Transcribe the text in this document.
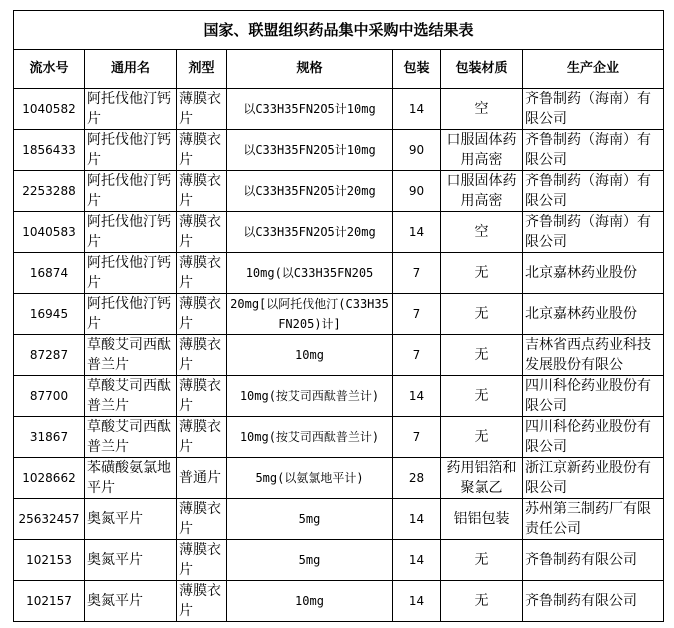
国家、联盟组织药品集中采购中选结果表						
流水号	通用名	剂型	规格	包装	包装材质	生产企业
1040582	阿托伐他汀钙片	薄膜衣片	以C33H35FN2O5计10mg	14	空	齐鲁制药（海南）有限公司
1856433	阿托伐他汀钙片	薄膜衣片	以C33H35FN2O5计10mg	90	口服固体药用高密	齐鲁制药（海南）有限公司
2253288	阿托伐他汀钙片	薄膜衣片	以C33H35FN2O5计20mg	90	口服固体药用高密	齐鲁制药（海南）有限公司
1040583	阿托伐他汀钙片	薄膜衣片	以C33H35FN2O5计20mg	14	空	齐鲁制药（海南）有限公司
16874	阿托伐他汀钙片	薄膜衣片	10mg(以C33H35FN205	7	无	北京嘉林药业股份
16945	阿托伐他汀钙片	薄膜衣片	20mg[以阿托伐他汀(C33H35FN205)计]	7	无	北京嘉林药业股份
87287	草酸艾司西酞普兰片	薄膜衣片	10mg	7	无	吉林省西点药业科技发展股份有限公
87700	草酸艾司西酞普兰片	薄膜衣片	10mg(按艾司西酞普兰计)	14	无	四川科伦药业股份有限公司
31867	草酸艾司西酞普兰片	薄膜衣片	10mg(按艾司西酞普兰计)	7	无	四川科伦药业股份有限公司
1028662	苯磺酸氨氯地平片	普通片	5mg(以氨氯地平计)	28	药用铝箔和聚氯乙	浙江京新药业股份有限公司
25632457	奥氮平片	薄膜衣片	5mg	14	铝铝包装	苏州第三制药厂有限责任公司
102153	奥氮平片	薄膜衣片	5mg	14	无	齐鲁制药有限公司
102157	奥氮平片	薄膜衣片	10mg	14	无	齐鲁制药有限公司
